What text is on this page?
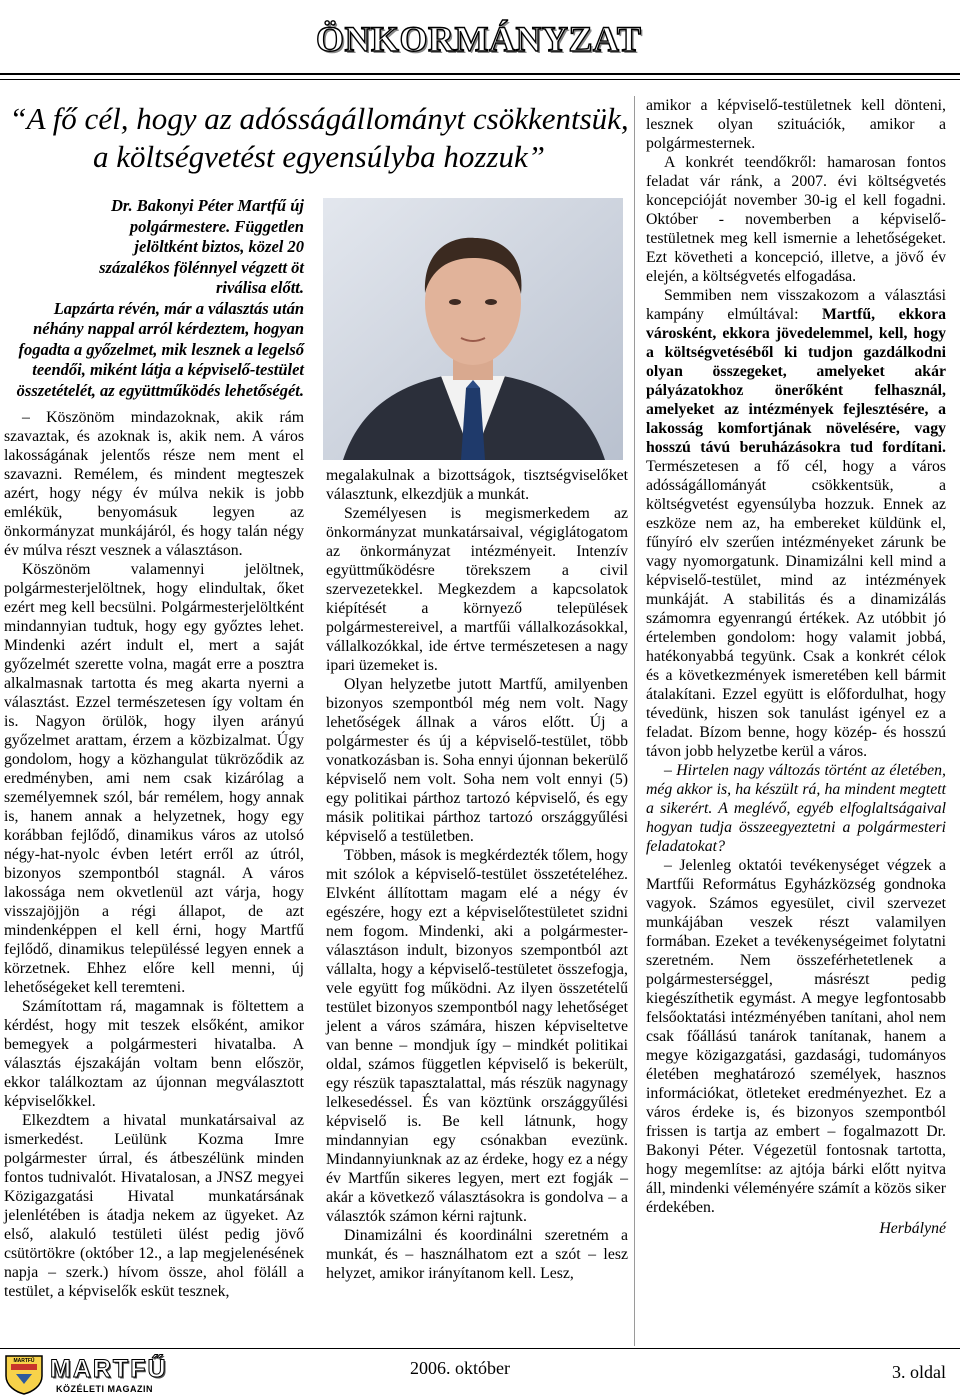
ÖNKORMÁNYZAT
“A fő cél, hogy az adósságállományt csökkentsük,
a költségvetést egyensúlyba hozzuk”

Dr. Bakonyi Péter Martfű új polgármestere. Független jelöltként biztos, közel 20 százalékos fölénnyel végzett öt riválisa előtt.

Lapzárta révén, már a választás után néhány nappal arról kérdeztem, hogyan fogadta a győzelmet, mik lesznek a legelső teendői, miként látja a képviselő-testület összetételét, az együttműködés lehetőségét.

– Köszönöm mindazoknak, akik rám szavaztak, és azoknak is, akik nem. A város lakosságának jelentős része nem ment el szavazni. Remélem, és mindent megteszek azért, hogy négy év múlva nekik is jobb emlékük, benyomásuk legyen az önkormányzat munkájáról, és hogy talán négy év múlva részt vesznek a választáson.

Köszönöm valamennyi jelöltnek, polgármesterjelöltnek, hogy elindultak, őket ezért meg kell becsülni. Polgármesterjelöltként mindannyian tudtuk, hogy egy győztes lehet. Mindenki azért indult el, mert a saját győzelmét szerette volna, magát erre a posztra alkalmasnak tartotta és meg akarta nyerni a választást. Ezzel természetesen így voltam én is. Nagyon örülök, hogy ilyen arányú győzelmet arattam, érzem a közbizalmat. Úgy gondolom, hogy a közhangulat tükröződik az eredményben, ami nem csak kizárólag a személyemnek szól, bár remélem, hogy annak is, hanem annak a helyzetnek, hogy egy korábban fejlődő, dinamikus város az utolsó négy-hat-nyolc évben letért erről az útról, bizonyos szempontból stagnál. A város lakossága nem okvetlenül azt várja, hogy visszajöjjön a régi állapot, de azt mindenképpen el kell érni, hogy Martfű fejlődő, dinamikus településsé legyen ennek a körzetnek. Ehhez előre kell menni, új lehetőségeket kell teremteni.

Számítottam rá, magamnak is föltettem a kérdést, hogy mit teszek elsőként, amikor bemegyek a polgármesteri hivatalba. A választás éjszakáján voltam benn először, ekkor találkoztam az újonnan megválasztott képviselőkkel.

Elkezdtem a hivatal munkatársaival az ismerkedést. Leülünk Kozma Imre polgármester úrral, és átbeszélünk minden fontos tudnivalót. Hivatalosan, a JNSZ megyei Közigazgatási Hivatal munkatársának jelenlétében is átadja nekem az ügyeket. Az első, alakuló testületi ülést pedig jövő csütörtökre (október 12., a lap megjelenésének napja – szerk.) hívom össze, ahol föláll a testület, a képviselők esküt tesznek,

megalakulnak a bizottságok, tisztségviselőket választunk, elkezdjük a munkát.

Személyesen is megismerkedem az önkormányzat munkatársaival, végiglátogatom az önkormányzat intézményeit. Intenzív együttműködésre törekszem a civil szervezetekkel. Megkezdem a kapcsolatok kiépítését a környező települések polgármestereivel, a martfűi vállalkozásokkal, vállalkozókkal, ide értve természetesen a nagy ipari üzemeket is.

Olyan helyzetbe jutott Martfű, amilyenben bizonyos szempontból még nem volt. Nagy lehetőségek állnak a város előtt. Új a polgármester és új a képviselő-testület, több vonatkozásban is. Soha ennyi újonnan bekerülő képviselő nem volt. Soha nem volt ennyi (5) egy politikai párthoz tartozó képviselő, és egy másik politikai párthoz tartozó országgyűlési képviselő a testületben.

Többen, mások is megkérdezték tőlem, hogy mit szólok a képviselő-testület összetételéhez. Elvként állítottam magam elé a négy év egészére, hogy ezt a képviselőtestületet szidni nem fogom. Mindenki, aki a polgármester-választáson indult, bizonyos szempontból azt vállalta, hogy a képviselő-testületet összefogja, vele együtt fog működni. Az ilyen összetételű testület bizonyos szempontból nagy lehetőséget jelent a város számára, hiszen képviseltetve van benne – mondjuk így – mindkét politikai oldal, számos független képviselő is bekerült, egy részük tapasztalattal, más részük nagynagy lelkesedéssel. És van köztünk országgyűlési képviselő is. Be kell látnunk, hogy mindannyian egy csónakban evezünk. Mindannyiunknak az az érdeke, hogy ez a négy év Martfűn sikeres legyen, mert ezt fogják – akár a következő választásokra is gondolva – a választók számon kérni rajtunk.

Dinamizálni és koordinálni szeretném a munkát, és – használhatom ezt a szót – lesz helyzet, amikor irányítanom kell. Lesz,

amikor a képviselő-testületnek kell dönteni, lesznek olyan szituációk, amikor a polgármesternek.

A konkrét teendőkről: hamarosan fontos feladat vár ránk, a 2007. évi költségvetés koncepcióját november 30-ig el kell fogadni. Október - novemberben a képviselő-testületnek meg kell ismernie a lehetőségeket. Ezt követheti a koncepció, illetve, a jövő év elején, a költségvetés elfogadása.

Semmiben nem visszakozom a választási kampány elmúltával: Martfű, ekkora városként, ekkora jövedelemmel, kell, hogy a költségvetéséből ki tudjon gazdálkodni olyan összegeket, amelyeket akár pályázatokhoz önerőként felhasznál, amelyeket az intézmények fejlesztésére, a lakosság komfortjának növelésére, vagy hosszú távú beruházásokra tud fordítani. Természetesen a fő cél, hogy a város adósságállományát csökkentsük, a költségvetést egyensúlyba hozzuk. Ennek az eszköze nem az, ha embereket küldünk el, fűnyíró elv szerűen intézményeket zárunk be vagy nyomorgatunk. Dinamizálni kell mind a képviselő-testület, mind az intézmények munkáját. A stabilitás és a dinamizálás számomra egyenrangú értékek. Az utóbbit jó értelemben gondolom: hogy valamit jobbá, hatékonyabbá tegyünk. Csak a konkrét célok és a következmények ismeretében kell bármit átalakítani. Ezzel együtt is előfordulhat, hogy tévedünk, hiszen sok tanulást igényel ez a feladat. Bízom benne, hogy közép- és hosszú távon jobb helyzetbe kerül a város.

– Hirtelen nagy változás történt az életében, még akkor is, ha készült rá, ha mindent megtett a sikerért. A meglévő, egyéb elfoglaltságaival hogyan tudja összeegyeztetni a polgármesteri feladatokat?

– Jelenleg oktatói tevékenységet végzek a Martfűi Református Egyházközség gondnoka vagyok. Számos egyesület, civil szervezet munkájában veszek részt valamilyen formában. Ezeket a tevékenységeimet folytatni szeretném. Nem összeférhetetlenek a polgármesterséggel, másrészt pedig kiegészíthetik egymást. A megye legfontosabb felsőoktatási intézményében tanítani, ahol nem csak főállású tanárok tanítanak, hanem a megye közigazgatási, gazdasági, tudományos életében meghatározó személyek, hasznos információkat, ötleteket eredményezhet. Ez a város érdeke is, és bizonyos szempontból frissen is tartja az embert – fogalmazott Dr. Bakonyi Péter. Végezetül fontosnak tartotta, hogy megemlítse: az ajtója bárki előtt nyitva áll, mindenki véleményére számít a közös siker érdekében.

Herbályné
MARTFŰ MARTFŰ
KÖZÉLETI MAGAZIN
2006. október	3. oldal
